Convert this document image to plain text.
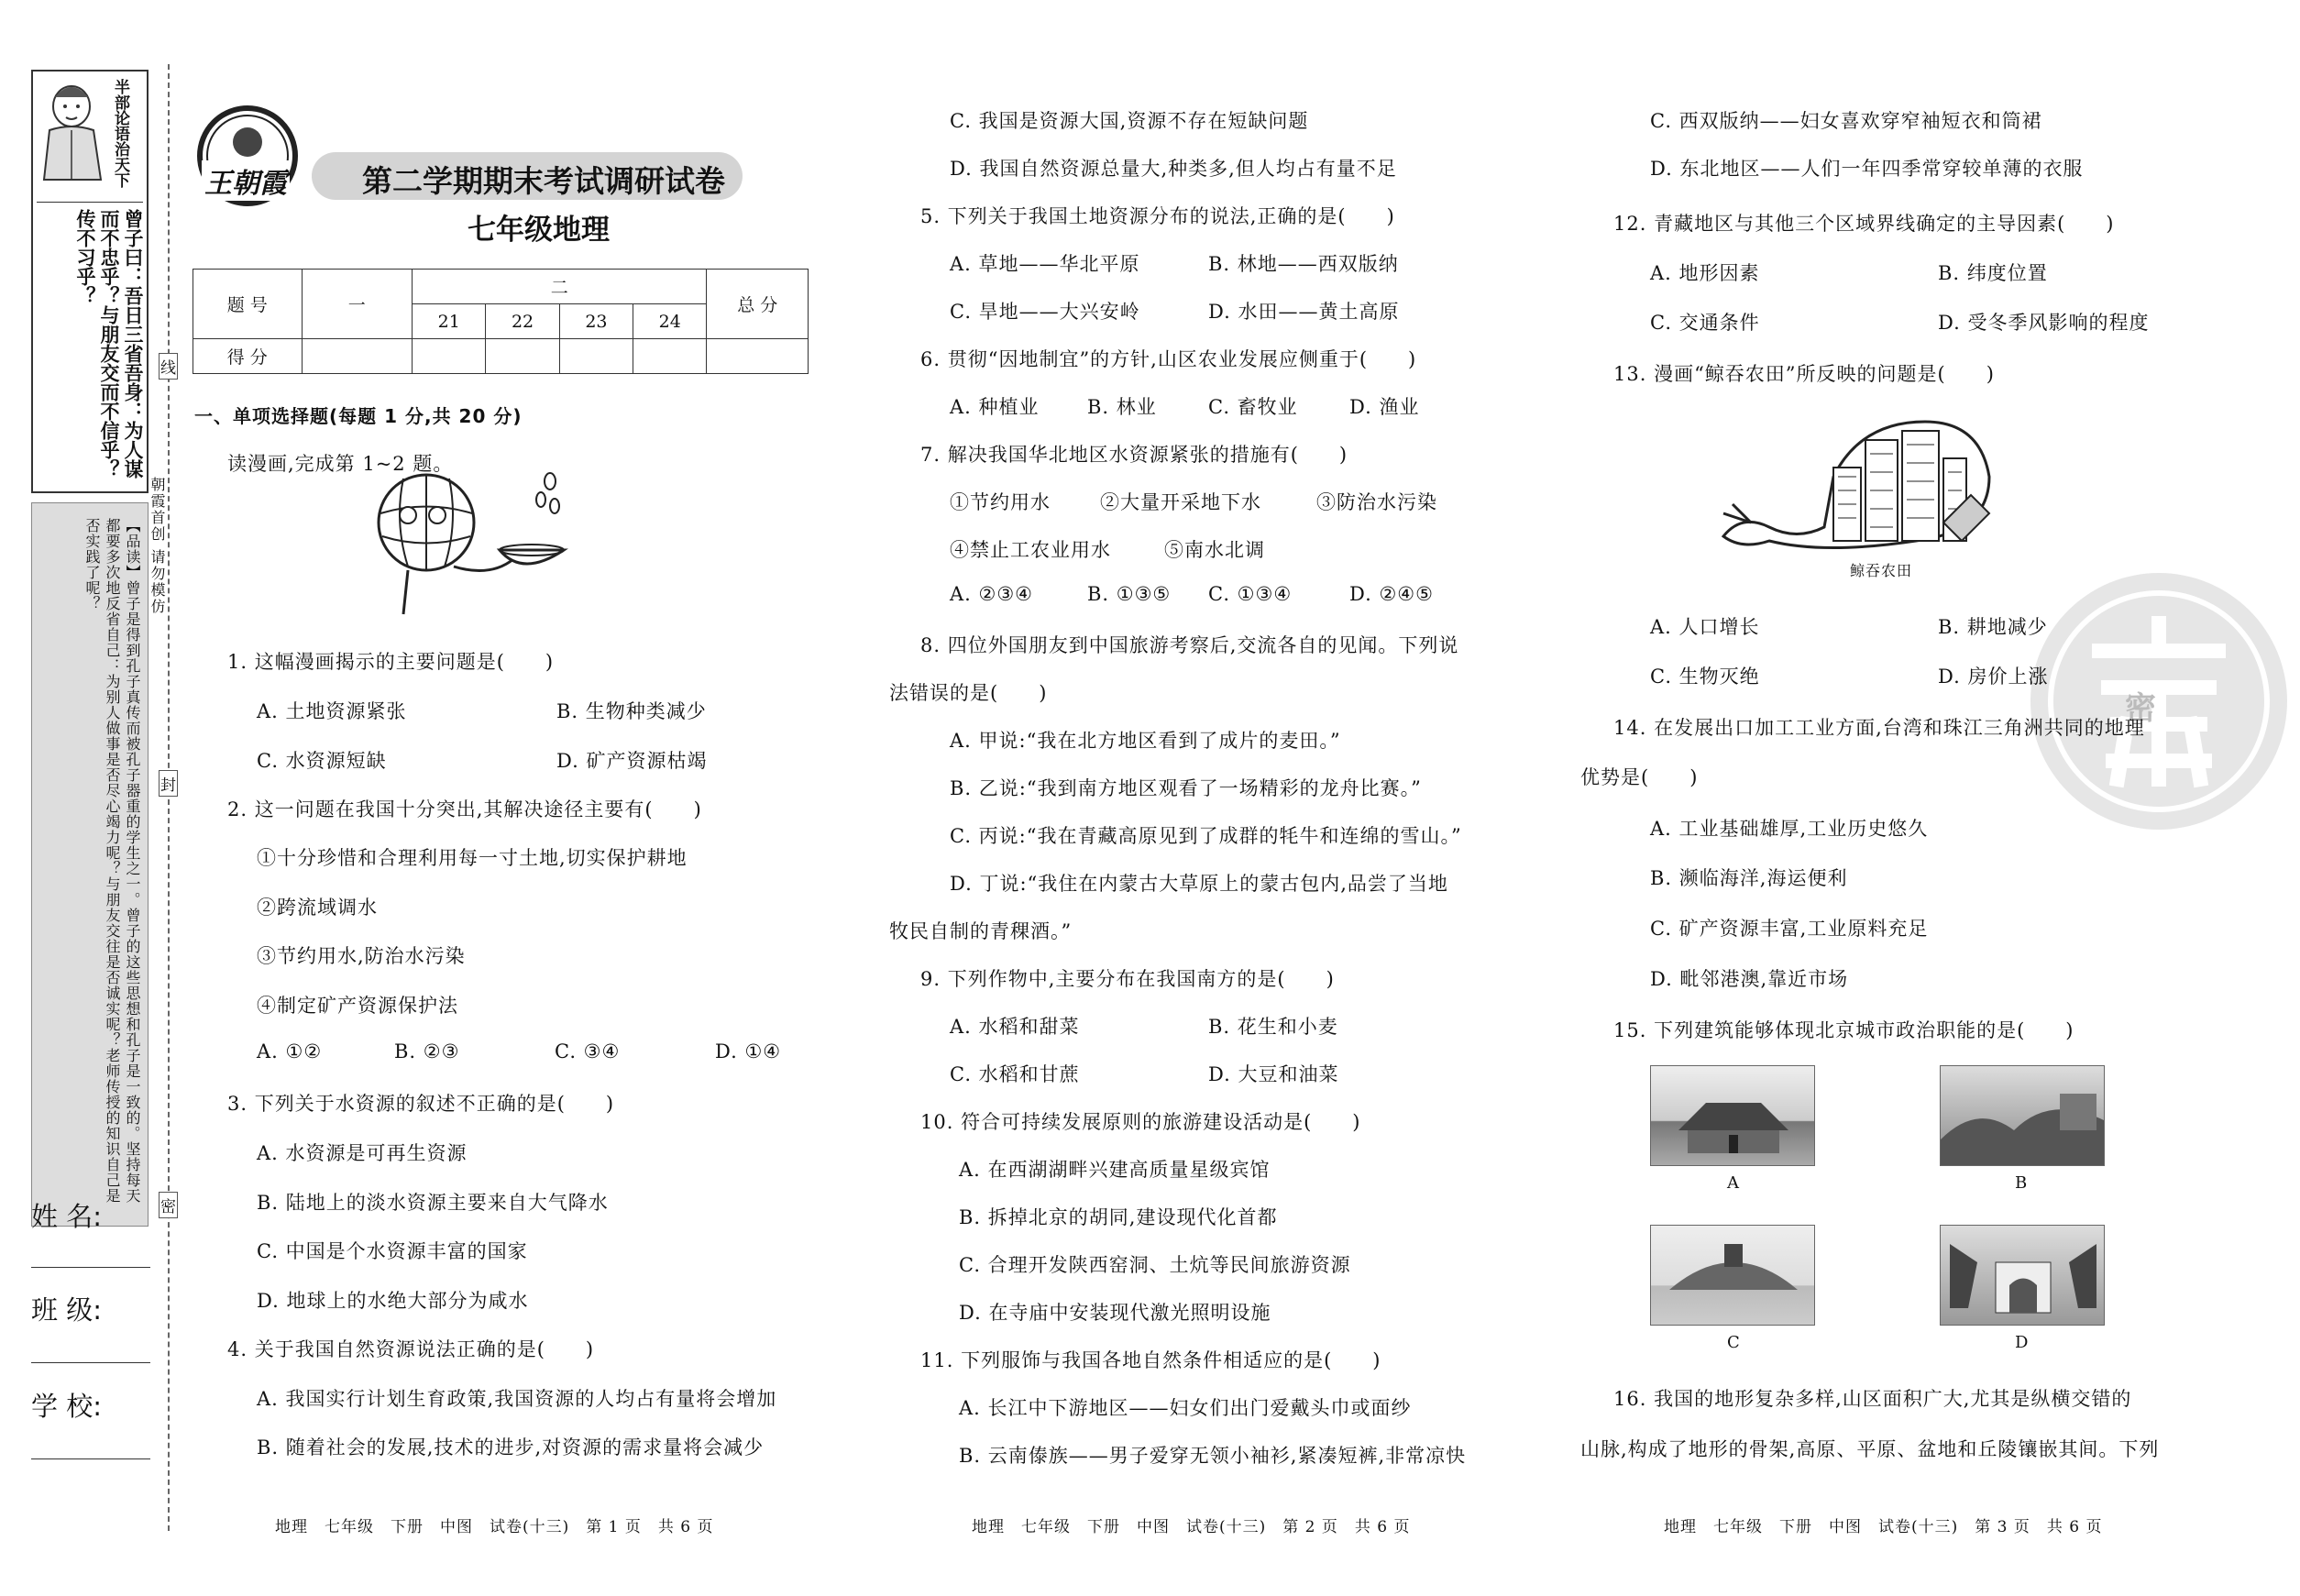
半部论语治天下
曾子曰：吾日三省吾身：为人谋而不忠乎？与朋友交而不信乎？传不习乎？
【品读】曾子是得到孔子真传而被孔子器重的学生之一。曾子的这些思想和孔子是一致的。坚持每天都要多次地反省自己：为别人做事是否尽心竭力呢？与朋友交往是否诚实呢？老师传授的知识自己是否实践了呢？
姓 名:
班 级:
学 校:
线
封
密
朝霞首创 请勿模仿
王朝霞 第二学期期末考试调研试卷
七年级地理
题 号	一	二				总 分
		21	22	23	24	
得 分						
一、单项选择题(每题 1 分,共 20 分)
读漫画,完成第 1~2 题。
1. 这幅漫画揭示的主要问题是(　　)
A. 土地资源紧张	B. 生物种类减少
C. 水资源短缺	D. 矿产资源枯竭
2. 这一问题在我国十分突出,其解决途径主要有(　　)
①十分珍惜和合理利用每一寸土地,切实保护耕地
②跨流域调水
③节约用水,防治水污染
④制定矿产资源保护法
A. ①②	B. ②③	C. ③④	D. ①④
3. 下列关于水资源的叙述不正确的是(　　)
A. 水资源是可再生资源
B. 陆地上的淡水资源主要来自大气降水
C. 中国是个水资源丰富的国家
D. 地球上的水绝大部分为咸水
4. 关于我国自然资源说法正确的是(　　)
A. 我国实行计划生育政策,我国资源的人均占有量将会增加
B. 随着社会的发展,技术的进步,对资源的需求量将会减少
地理　七年级　下册　中图　试卷(十三)　第 1 页　共 6 页
C. 我国是资源大国,资源不存在短缺问题
D. 我国自然资源总量大,种类多,但人均占有量不足
5. 下列关于我国土地资源分布的说法,正确的是(　　)
A. 草地——华北平原	B. 林地——西双版纳
C. 旱地——大兴安岭	D. 水田——黄土高原
6. 贯彻“因地制宜”的方针,山区农业发展应侧重于(　　)
A. 种植业 B. 林业	C. 畜牧业	D. 渔业
7. 解决我国华北地区水资源紧张的措施有(　　)
①节约用水	②大量开采地下水	③防治水污染
④禁止工农业用水	⑤南水北调
A. ②③④	B. ①③⑤ C. ①③④	D. ②④⑤
8. 四位外国朋友到中国旅游考察后,交流各自的见闻。下列说
法错误的是(　　)
A. 甲说:“我在北方地区看到了成片的麦田。”
B. 乙说:“我到南方地区观看了一场精彩的龙舟比赛。”
C. 丙说:“我在青藏高原见到了成群的牦牛和连绵的雪山。”
D. 丁说:“我住在内蒙古大草原上的蒙古包内,品尝了当地
牧民自制的青稞酒。”
9. 下列作物中,主要分布在我国南方的是(　　)
A. 水稻和甜菜	B. 花生和小麦
C. 水稻和甘蔗	D. 大豆和油菜
10. 符合可持续发展原则的旅游建设活动是(　　)
A. 在西湖湖畔兴建高质量星级宾馆
B. 拆掉北京的胡同,建设现代化首都
C. 合理开发陕西窑洞、土炕等民间旅游资源
D. 在寺庙中安装现代激光照明设施
11. 下列服饰与我国各地自然条件相适应的是(　　)
A. 长江中下游地区——妇女们出门爱戴头巾或面纱
B. 云南傣族——男子爱穿无领小袖衫,紧凑短裤,非常凉快
地理　七年级　下册　中图　试卷(十三)　第 2 页　共 6 页
密
C. 西双版纳——妇女喜欢穿窄袖短衣和筒裙
D. 东北地区——人们一年四季常穿较单薄的衣服
12. 青藏地区与其他三个区域界线确定的主导因素(　　)
A. 地形因素	B. 纬度位置
C. 交通条件	D. 受冬季风影响的程度
13. 漫画“鲸吞农田”所反映的问题是(　　)
鲸吞农田
A. 人口增长	B. 耕地减少
C. 生物灭绝	D. 房价上涨
14. 在发展出口加工工业方面,台湾和珠江三角洲共同的地理
优势是(　　)
A. 工业基础雄厚,工业历史悠久
B. 濒临海洋,海运便利
C. 矿产资源丰富,工业原料充足
D. 毗邻港澳,靠近市场
15. 下列建筑能够体现北京城市政治职能的是(　　)
A	B
C	D
16. 我国的地形复杂多样,山区面积广大,尤其是纵横交错的
山脉,构成了地形的骨架,高原、平原、盆地和丘陵镶嵌其间。下列
地理　七年级　下册　中图　试卷(十三)　第 3 页　共 6 页
